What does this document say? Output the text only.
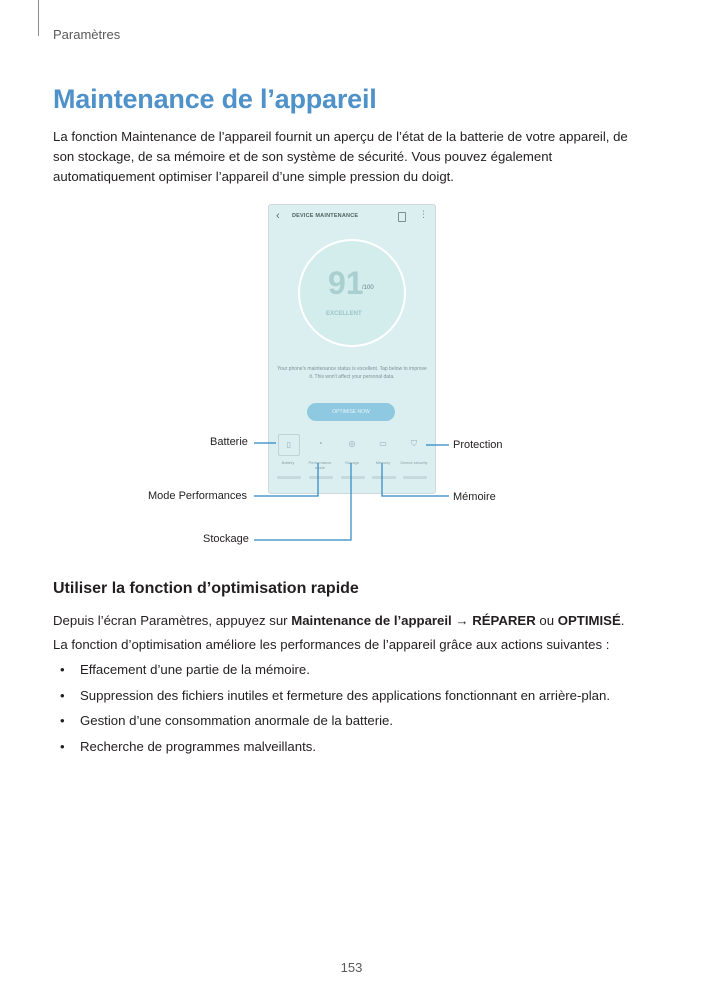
Paramètres
Maintenance de l’appareil

La fonction Maintenance de l’appareil fournit un aperçu de l’état de la batterie de votre appareil, de son stockage, de sa mémoire et de son système de sécurité. Vous pouvez également automatiquement optimiser l’appareil d’une simple pression du doigt.

‹ DEVICE MAINTENANCE	⋮
91
/100
EXCELLENT
Your phone's maintenance status is excellent. Tap below to improve it. This won't affect your personal data.
OPTIMISE NOW
▯	◔	◎	▭	⛉
Battery	Performance mode
Storage	Memory	Device security
Batterie	Protection
Mode Performances	Mémoire
Stockage
Utiliser la fonction d’optimisation rapide

Depuis l’écran Paramètres, appuyez sur Maintenance de l’appareil → RÉPARER ou OPTIMISÉ.

La fonction d’optimisation améliore les performances de l’appareil grâce aux actions suivantes :

• Effacement d’une partie de la mémoire.
• Suppression des fichiers inutiles et fermeture des applications fonctionnant en arrière-plan.
• Gestion d’une consommation anormale de la batterie.
• Recherche de programmes malveillants.
153
